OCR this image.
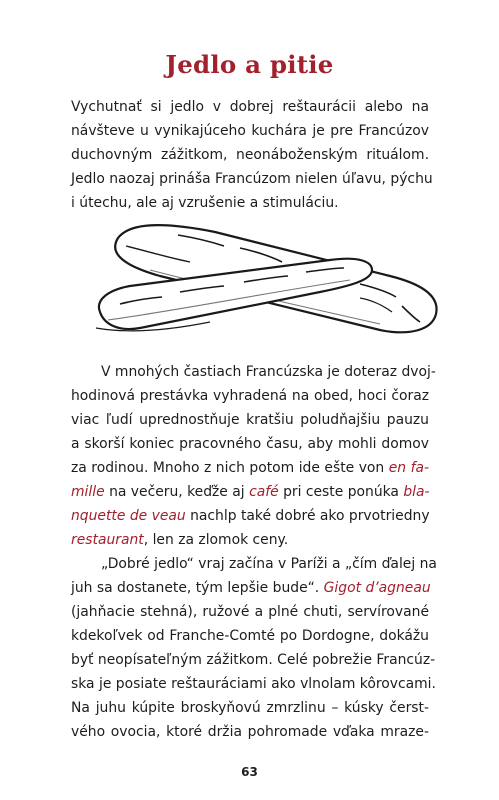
Jedlo a pitie
Vychutnať si jedlo v dobrej reštaurácii alebo na
návšteve u vynikajúceho kuchára je pre Francúzov
duchovným zážitkom, neonáboženským rituálom.
Jedlo naozaj prináša Francúzom nielen úľavu, pýchu
i útechu, ale aj vzrušenie a stimuláciu.
V mnohých častiach Francúzska je doteraz dvoj-
hodinová prestávka vyhradená na obed, hoci čoraz
viac ľudí uprednostňuje kratšiu poludňajšiu pauzu
a skorší koniec pracovného času, aby mohli domov
za rodinou. Mnoho z nich potom ide ešte von en fa-
mille na večeru, keďže aj café pri ceste ponúka bla-
nquette de veau nachlp také dobré ako prvotriedny
restaurant, len za zlomok ceny.
„Dobré jedlo“ vraj začína v Paríži a „čím ďalej na
juh sa dostanete, tým lepšie bude“. Gigot d’agneau
(jahňacie stehná), ružové a plné chuti, servírované
kdekoľvek od Franche-Comté po Dordogne, dokážu
byť neopísateľným zážitkom. Celé pobrežie Francúz-
ska je posiate reštauráciami ako vlnolam kôrovcami.
Na juhu kúpite broskyňovú zmrzlinu – kúsky čerst-
vého ovocia, ktoré držia pohromade vďaka mraze-
63
